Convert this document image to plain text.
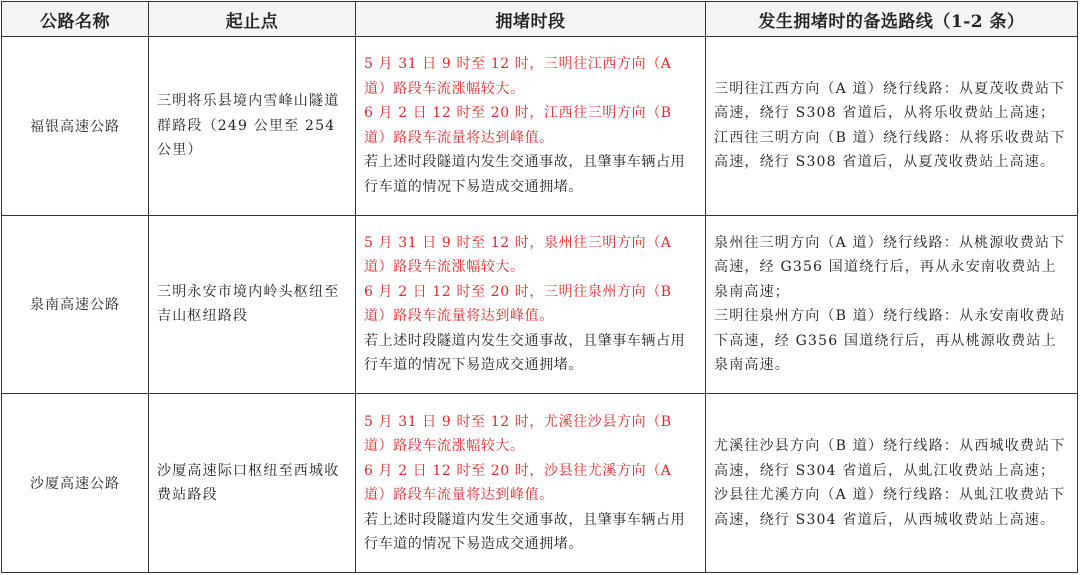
公路名称	起止点	拥堵时段	发生拥堵时的备选路线（1-2 条）
福银高速公路	三明将乐县境内雪峰山隧道群路段（249 公里至 254 公里）	5 月 31 日 9 时至 12 时，三明往江西方向（A 道）路段车流涨幅较大。
6 月 2 日 12 时至 20 时，江西往三明方向（B 道）路段车流量将达到峰值。
若上述时段隧道内发生交通事故，且肇事车辆占用行车道的情况下易造成交通拥堵。	三明往江西方向（A 道）绕行线路：从夏茂收费站下高速，绕行 S308 省道后，从将乐收费站上高速；
江西往三明方向（B 道）绕行线路：从将乐收费站下高速，绕行 S308 省道后，从夏茂收费站上高速。

泉南高速公路	三明永安市境内岭头枢纽至吉山枢纽路段	5 月 31 日 9 时至 12 时，泉州往三明方向（A 道）路段车流涨幅较大。
6 月 2 日 12 时至 20 时，三明往泉州方向（B 道）路段车流量将达到峰值。
若上述时段隧道内发生交通事故，且肇事车辆占用行车道的情况下易造成交通拥堵。	泉州往三明方向（A 道）绕行线路：从桃源收费站下高速，经 G356 国道绕行后，再从永安南收费站上泉南高速；
三明往泉州方向（B 道）绕行线路：从永安南收费站下高速，经 G356 国道绕行后，再从桃源收费站上泉南高速。

沙厦高速公路	沙厦高速际口枢纽至西城收费站路段	5 月 31 日 9 时至 12 时，尤溪往沙县方向（B 道）路段车流涨幅较大。
6 月 2 日 12 时至 20 时，沙县往尤溪方向（A 道）路段车流量将达到峰值。
若上述时段隧道内发生交通事故，且肇事车辆占用行车道的情况下易造成交通拥堵。	尤溪往沙县方向（B 道）绕行线路：从西城收费站下高速，绕行 S304 省道后，从虬江收费站上高速；
沙县往尤溪方向（A 道）绕行线路：从虬江收费站下高速，绕行 S304 省道后，从西城收费站上高速。
